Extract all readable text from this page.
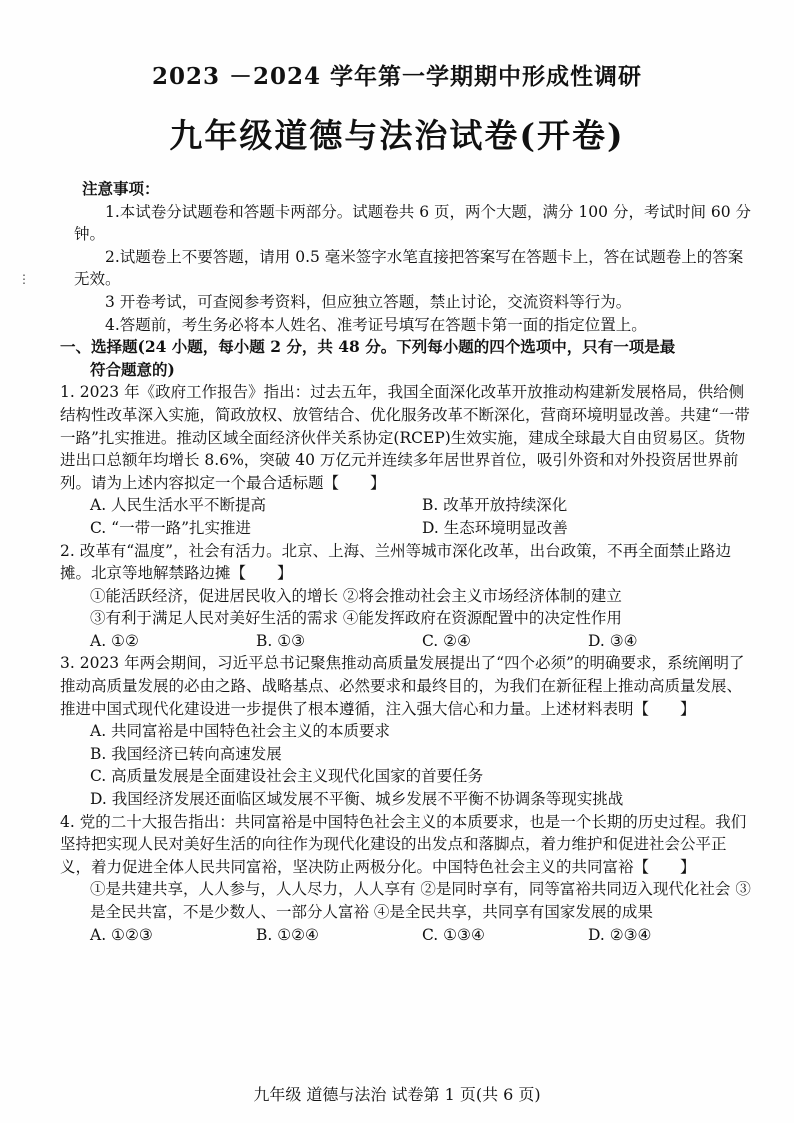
⋮
2023 －2024 学年第一学期期中形成性调研
九年级道德与法治试卷(开卷)
注意事项：
1.本试卷分试题卷和答题卡两部分。试题卷共 6 页，两个大题，满分 100 分，考试时间 60 分钟。
2.试题卷上不要答题，请用 0.5 毫米签字水笔直接把答案写在答题卡上，答在试题卷上的答案无效。
3 开卷考试，可查阅参考资料，但应独立答题，禁止讨论，交流资料等行为。
4.答题前，考生务必将本人姓名、准考证号填写在答题卡第一面的指定位置上。
一、选择题(24 小题，每小题 2 分，共 48 分。下列每小题的四个选项中，只有一项是最
符合题意的)
1. 2023 年《政府工作报告》指出：过去五年，我国全面深化改革开放推动构建新发展格局，供给侧结构性改革深入实施，简政放权、放管结合、优化服务改革不断深化，营商环境明显改善。共建“一带一路”扎实推进。推动区域全面经济伙伴关系协定(RCEP)生效实施，建成全球最大自由贸易区。货物进出口总额年均增长 8.6%，突破 40 万亿元并连续多年居世界首位，吸引外资和对外投资居世界前列。请为上述内容拟定一个最合适标题【　　】
A. 人民生活水平不断提高	B. 改革开放持续深化
C. “一带一路”扎实推进	D. 生态环境明显改善
2. 改革有“温度”，社会有活力。北京、上海、兰州等城市深化改革，出台政策，不再全面禁止路边摊。北京等地解禁路边摊【　　】
①能活跃经济，促进居民收入的增长 ②将会推动社会主义市场经济体制的建立
③有利于满足人民对美好生活的需求 ④能发挥政府在资源配置中的决定性作用
A. ①②	B. ①③	C. ②④	D. ③④
3. 2023 年两会期间，习近平总书记聚焦推动高质量发展提出了“四个必须”的明确要求，系统阐明了推动高质量发展的必由之路、战略基点、必然要求和最终目的，为我们在新征程上推动高质量发展、推进中国式现代化建设进一步提供了根本遵循，注入强大信心和力量。上述材料表明【　　】
A. 共同富裕是中国特色社会主义的本质要求
B. 我国经济已转向高速发展
C. 高质量发展是全面建设社会主义现代化国家的首要任务
D. 我国经济发展还面临区域发展不平衡、城乡发展不平衡不协调条等现实挑战
4. 党的二十大报告指出：共同富裕是中国特色社会主义的本质要求，也是一个长期的历史过程。我们坚持把实现人民对美好生活的向往作为现代化建设的出发点和落脚点，着力维护和促进社会公平正义，着力促进全体人民共同富裕，坚决防止两极分化。中国特色社会主义的共同富裕【　　】
①是共建共享，人人参与，人人尽力，人人享有 ②是同时享有，同等富裕共同迈入现代化社会 ③是全民共富，不是少数人、一部分人富裕 ④是全民共享，共同享有国家发展的成果
A. ①②③	B. ①②④	C. ①③④	D. ②③④
九年级 道德与法治 试卷第 1 页(共 6 页)
